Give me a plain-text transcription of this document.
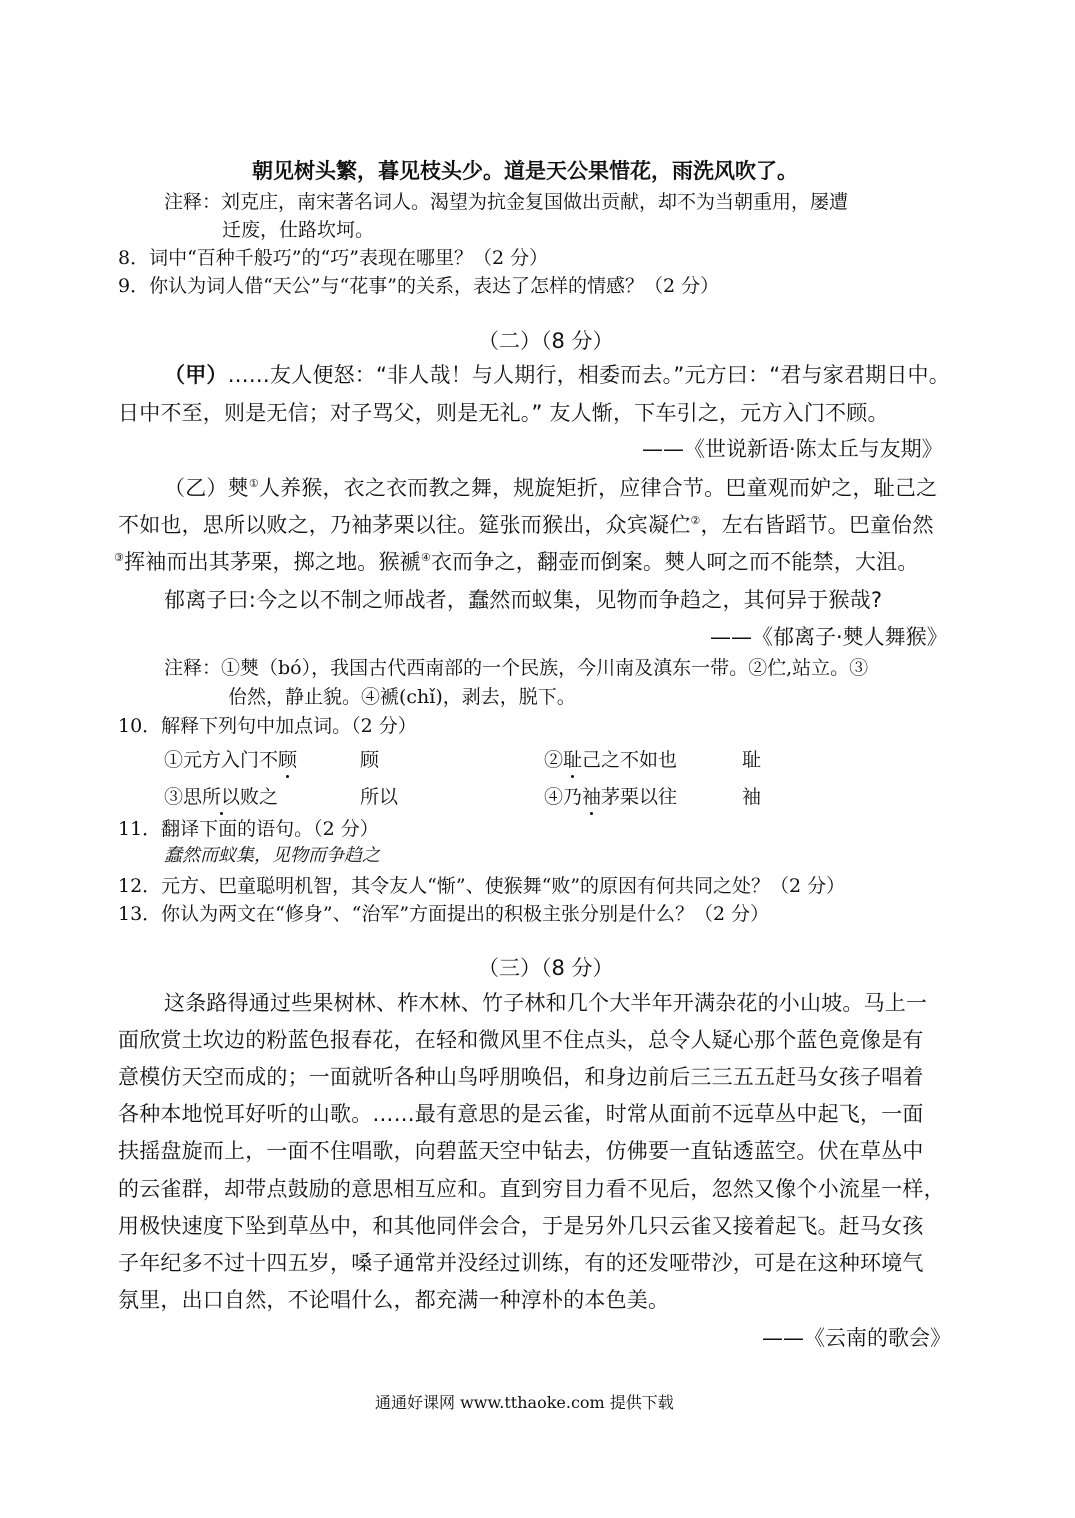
朝见树头繁，暮见枝头少。道是天公果惜花，雨洗风吹了。
注释：刘克庄，南宋著名词人。渴望为抗金复国做出贡献，却不为当朝重用，屡遭
迁废，仕路坎坷。
8．词中“百种千般巧”的“巧”表现在哪里？（2 分）
9．你认为词人借“天公”与“花事”的关系，表达了怎样的情感？（2 分）
（二）（8 分）
（甲）……友人便怒：“非人哉！与人期行，相委而去。”元方曰：“君与家君期日中。
日中不至，则是无信；对子骂父，则是无礼。” 友人惭，下车引之，元方入门不顾。
——《世说新语·陈太丘与友期》
（乙）僰①人养猴，衣之衣而教之舞，规旋矩折，应律合节。巴童观而妒之，耻己之
不如也，思所以败之，乃袖茅栗以往。筵张而猴出，众宾凝伫②，左右皆蹈节。巴童佁然
③挥袖而出其茅栗，掷之地。猴褫④衣而争之，翻壶而倒案。僰人呵之而不能禁，大沮。
郁离子曰:今之以不制之师战者，蠢然而蚁集，见物而争趋之，其何异于猴哉?
——《郁离子·僰人舞猴》
注释：①僰（bó），我国古代西南部的一个民族，今川南及滇东一带。②伫,站立。③
佁然，静止貌。④褫(chǐ)，剥去，脱下。
10．解释下列句中加点词。（2 分）
①元方入门不顾	顾	②耻己之不如也	耻
③思所以败之	所以	④乃袖茅栗以往	袖
11．翻译下面的语句。（2 分）
蠢然而蚁集，见物而争趋之
12．元方、巴童聪明机智，其令友人“惭”、使猴舞“败”的原因有何共同之处？（2 分）
13．你认为两文在“修身”、“治军”方面提出的积极主张分别是什么？（2 分）
（三）（8 分）
这条路得通过些果树林、柞木林、竹子林和几个大半年开满杂花的小山坡。马上一
面欣赏土坎边的粉蓝色报春花，在轻和微风里不住点头，总令人疑心那个蓝色竟像是有
意模仿天空而成的；一面就听各种山鸟呼朋唤侣，和身边前后三三五五赶马女孩子唱着
各种本地悦耳好听的山歌。……最有意思的是云雀，时常从面前不远草丛中起飞，一面
扶摇盘旋而上，一面不住唱歌，向碧蓝天空中钻去，仿佛要一直钻透蓝空。伏在草丛中
的云雀群，却带点鼓励的意思相互应和。直到穷目力看不见后，忽然又像个小流星一样，
用极快速度下坠到草丛中，和其他同伴会合，于是另外几只云雀又接着起飞。赶马女孩
子年纪多不过十四五岁，嗓子通常并没经过训练，有的还发哑带沙，可是在这种环境气
氛里，出口自然，不论唱什么，都充满一种淳朴的本色美。
——《云南的歌会》
通通好课网 www.tthaoke.com 提供下载
